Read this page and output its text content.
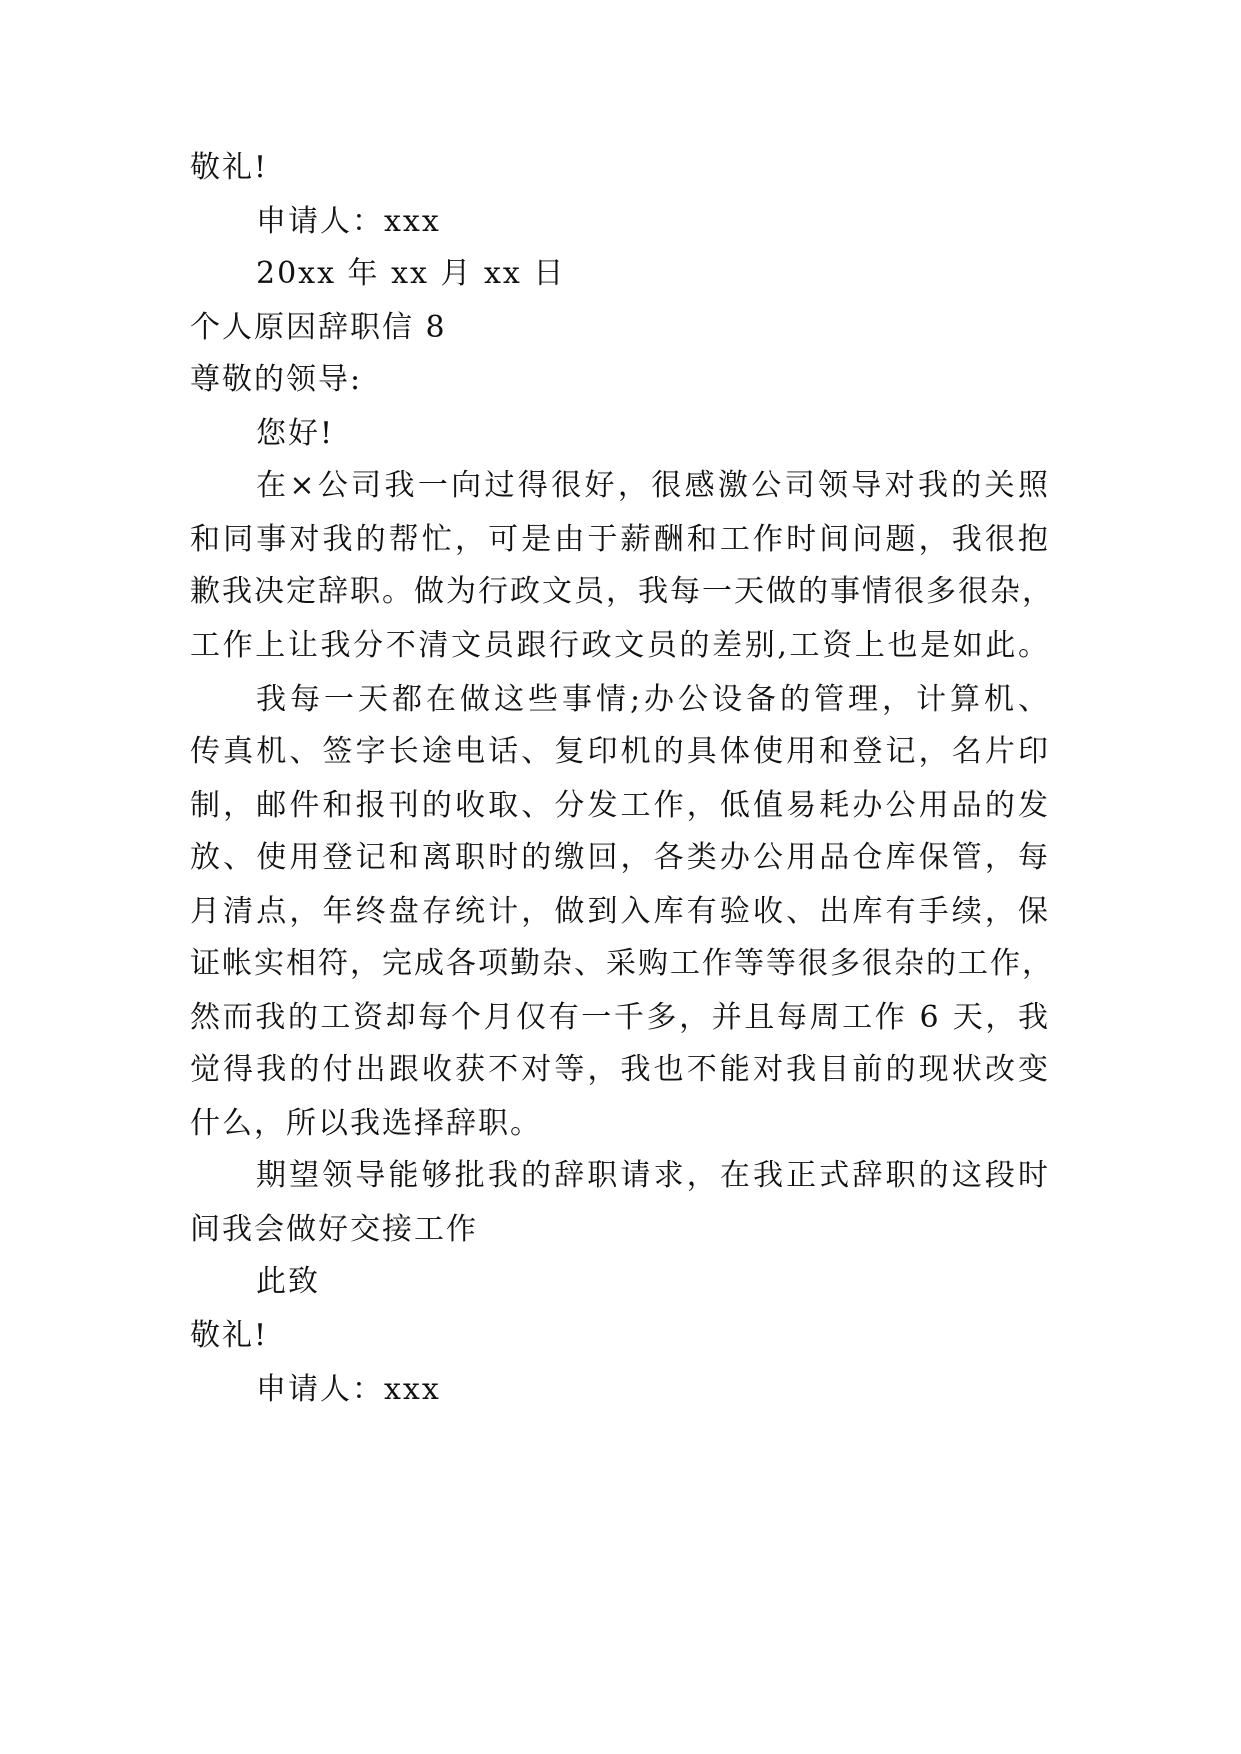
敬礼!
申请人：xxx
20xx 年 xx 月 xx 日
个人原因辞职信 8
尊敬的领导:
您好!
在×公司我一向过得很好，很感激公司领导对我的关照
和同事对我的帮忙，可是由于薪酬和工作时间问题，我很抱
歉我决定辞职。做为行政文员，我每一天做的事情很多很杂，
工作上让我分不清文员跟行政文员的差别,工资上也是如此。
我每一天都在做这些事情;办公设备的管理，计算机、
传真机、签字长途电话、复印机的具体使用和登记，名片印
制，邮件和报刊的收取、分发工作，低值易耗办公用品的发
放、使用登记和离职时的缴回，各类办公用品仓库保管，每
月清点，年终盘存统计，做到入库有验收、出库有手续，保
证帐实相符，完成各项勤杂、采购工作等等很多很杂的工作，
然而我的工资却每个月仅有一千多，并且每周工作 6 天，我
觉得我的付出跟收获不对等，我也不能对我目前的现状改变
什么，所以我选择辞职。
期望领导能够批我的辞职请求，在我正式辞职的这段时
间我会做好交接工作
此致
敬礼!
申请人：xxx
